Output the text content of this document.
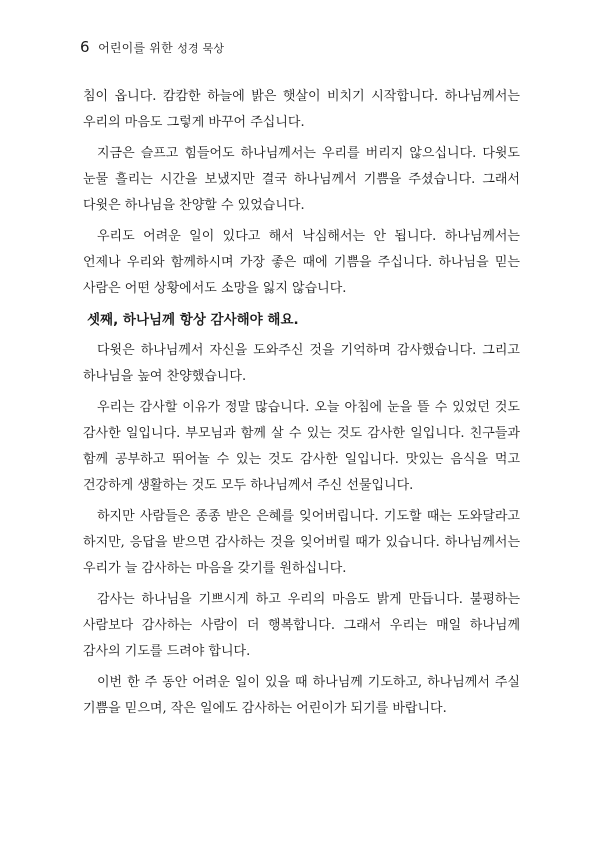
6 어린이를 위한 성경 묵상

침이 옵니다. 캄캄한 하늘에 밝은 햇살이 비치기 시작합니다. 하나님께서는 우리의 마음도 그렇게 바꾸어 주십니다.

지금은 슬프고 힘들어도 하나님께서는 우리를 버리지 않으십니다. 다윗도 눈물 흘리는 시간을 보냈지만 결국 하나님께서 기쁨을 주셨습니다. 그래서 다윗은 하나님을 찬양할 수 있었습니다.

우리도 어려운 일이 있다고 해서 낙심해서는 안 됩니다. 하나님께서는 언제나 우리와 함께하시며 가장 좋은 때에 기쁨을 주십니다. 하나님을 믿는 사람은 어떤 상황에서도 소망을 잃지 않습니다.

셋째, 하나님께 항상 감사해야 해요.

다윗은 하나님께서 자신을 도와주신 것을 기억하며 감사했습니다. 그리고 하나님을 높여 찬양했습니다.

우리는 감사할 이유가 정말 많습니다. 오늘 아침에 눈을 뜰 수 있었던 것도 감사한 일입니다. 부모님과 함께 살 수 있는 것도 감사한 일입니다. 친구들과 함께 공부하고 뛰어놀 수 있는 것도 감사한 일입니다. 맛있는 음식을 먹고 건강하게 생활하는 것도 모두 하나님께서 주신 선물입니다.

하지만 사람들은 종종 받은 은혜를 잊어버립니다. 기도할 때는 도와달라고 하지만, 응답을 받으면 감사하는 것을 잊어버릴 때가 있습니다. 하나님께서는 우리가 늘 감사하는 마음을 갖기를 원하십니다.

감사는 하나님을 기쁘시게 하고 우리의 마음도 밝게 만듭니다. 불평하는 사람보다 감사하는 사람이 더 행복합니다. 그래서 우리는 매일 하나님께 감사의 기도를 드려야 합니다.

이번 한 주 동안 어려운 일이 있을 때 하나님께 기도하고, 하나님께서 주실 기쁨을 믿으며, 작은 일에도 감사하는 어린이가 되기를 바랍니다.
